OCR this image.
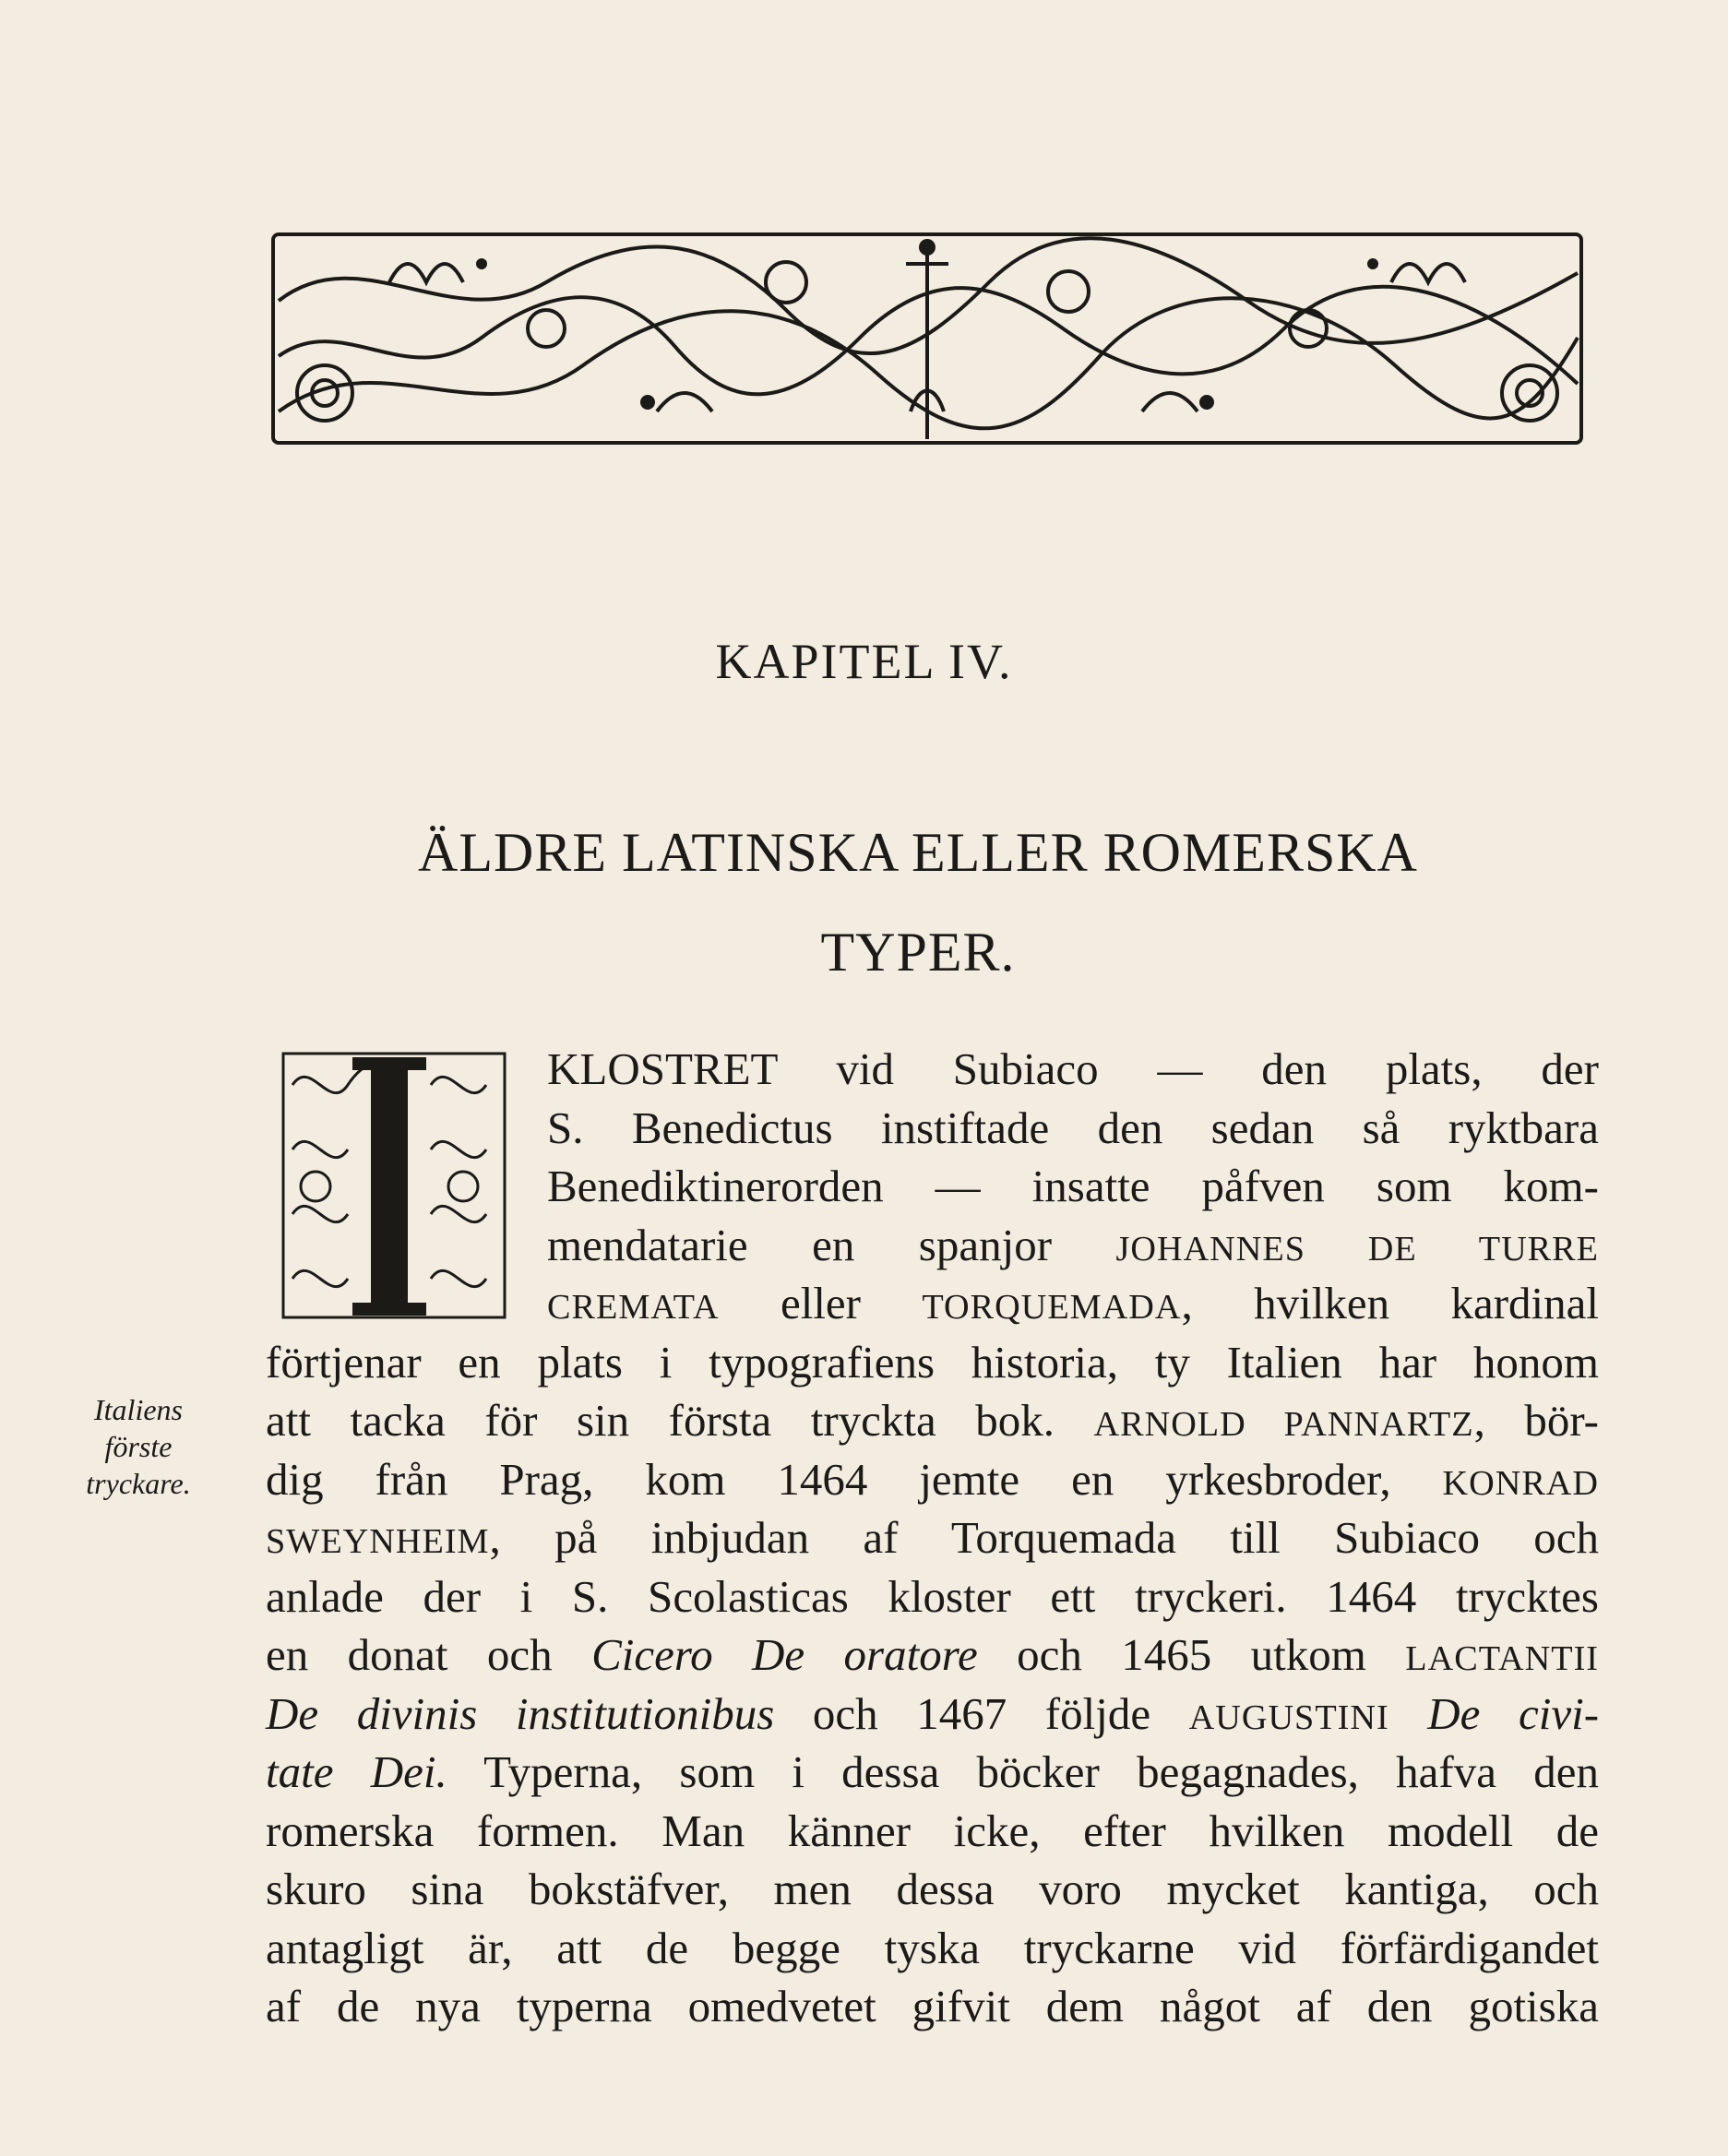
KAPITEL IV.
ÄLDRE LATINSKA ELLER ROMERSKA
TYPER.
KLOSTRET vid Subiaco — den plats, der
S. Benedictus instiftade den sedan så ryktbara
Benediktinerorden — insatte påfven som kom-
mendatarie en spanjor JOHANNES DE TURRE
CREMATA eller TORQUEMADA, hvilken kardinal
förtjenar en plats i typografiens historia, ty Italien har honom
att tacka för sin första tryckta bok. ARNOLD PANNARTZ, bör-
dig från Prag, kom 1464 jemte en yrkesbroder, KONRAD
SWEYNHEIM, på inbjudan af Torquemada till Subiaco och
anlade der i S. Scolasticas kloster ett tryckeri. 1464 trycktes
en donat och Cicero De oratore och 1465 utkom LACTANTII
De divinis institutionibus och 1467 följde AUGUSTINI De civi-
tate Dei. Typerna, som i dessa böcker begagnades, hafva den
romerska formen. Man känner icke, efter hvilken modell de
skuro sina bokstäfver, men dessa voro mycket kantiga, och
antagligt är, att de begge tyska tryckarne vid förfärdigandet
af de nya typerna omedvetet gifvit dem något af den gotiska
Italiens
förste
tryckare.
